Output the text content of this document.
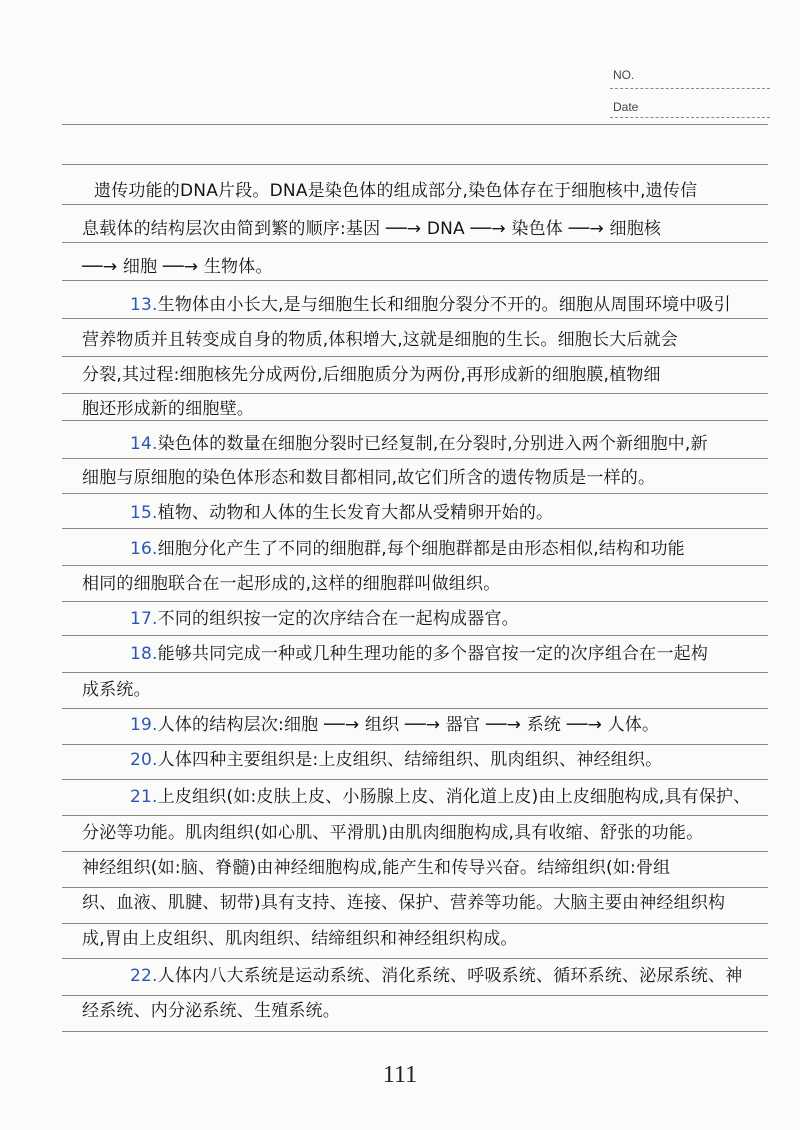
NO.
Date
遗传功能的DNA片段。DNA是染色体的组成部分,染色体存在于细胞核中,遗传信
息载体的结构层次由简到繁的顺序:基因 ──→ DNA ──→ 染色体 ──→ 细胞核
──→ 细胞 ──→ 生物体。
13.生物体由小长大,是与细胞生长和细胞分裂分不开的。细胞从周围环境中吸引
营养物质并且转变成自身的物质,体积增大,这就是细胞的生长。细胞长大后就会
分裂,其过程:细胞核先分成两份,后细胞质分为两份,再形成新的细胞膜,植物细
胞还形成新的细胞壁。
14.染色体的数量在细胞分裂时已经复制,在分裂时,分别进入两个新细胞中,新
细胞与原细胞的染色体形态和数目都相同,故它们所含的遗传物质是一样的。
15.植物、动物和人体的生长发育大都从受精卵开始的。
16.细胞分化产生了不同的细胞群,每个细胞群都是由形态相似,结构和功能
相同的细胞联合在一起形成的,这样的细胞群叫做组织。
17.不同的组织按一定的次序结合在一起构成器官。
18.能够共同完成一种或几种生理功能的多个器官按一定的次序组合在一起构
成系统。
19.人体的结构层次:细胞 ──→ 组织 ──→ 器官 ──→ 系统 ──→ 人体。
20.人体四种主要组织是:上皮组织、结缔组织、肌肉组织、神经组织。
21.上皮组织(如:皮肤上皮、小肠腺上皮、消化道上皮)由上皮细胞构成,具有保护、
分泌等功能。肌肉组织(如心肌、平滑肌)由肌肉细胞构成,具有收缩、舒张的功能。
神经组织(如:脑、脊髓)由神经细胞构成,能产生和传导兴奋。结缔组织(如:骨组
织、血液、肌腱、韧带)具有支持、连接、保护、营养等功能。大脑主要由神经组织构
成,胃由上皮组织、肌肉组织、结缔组织和神经组织构成。
22.人体内八大系统是运动系统、消化系统、呼吸系统、循环系统、泌尿系统、神
经系统、内分泌系统、生殖系统。
111
